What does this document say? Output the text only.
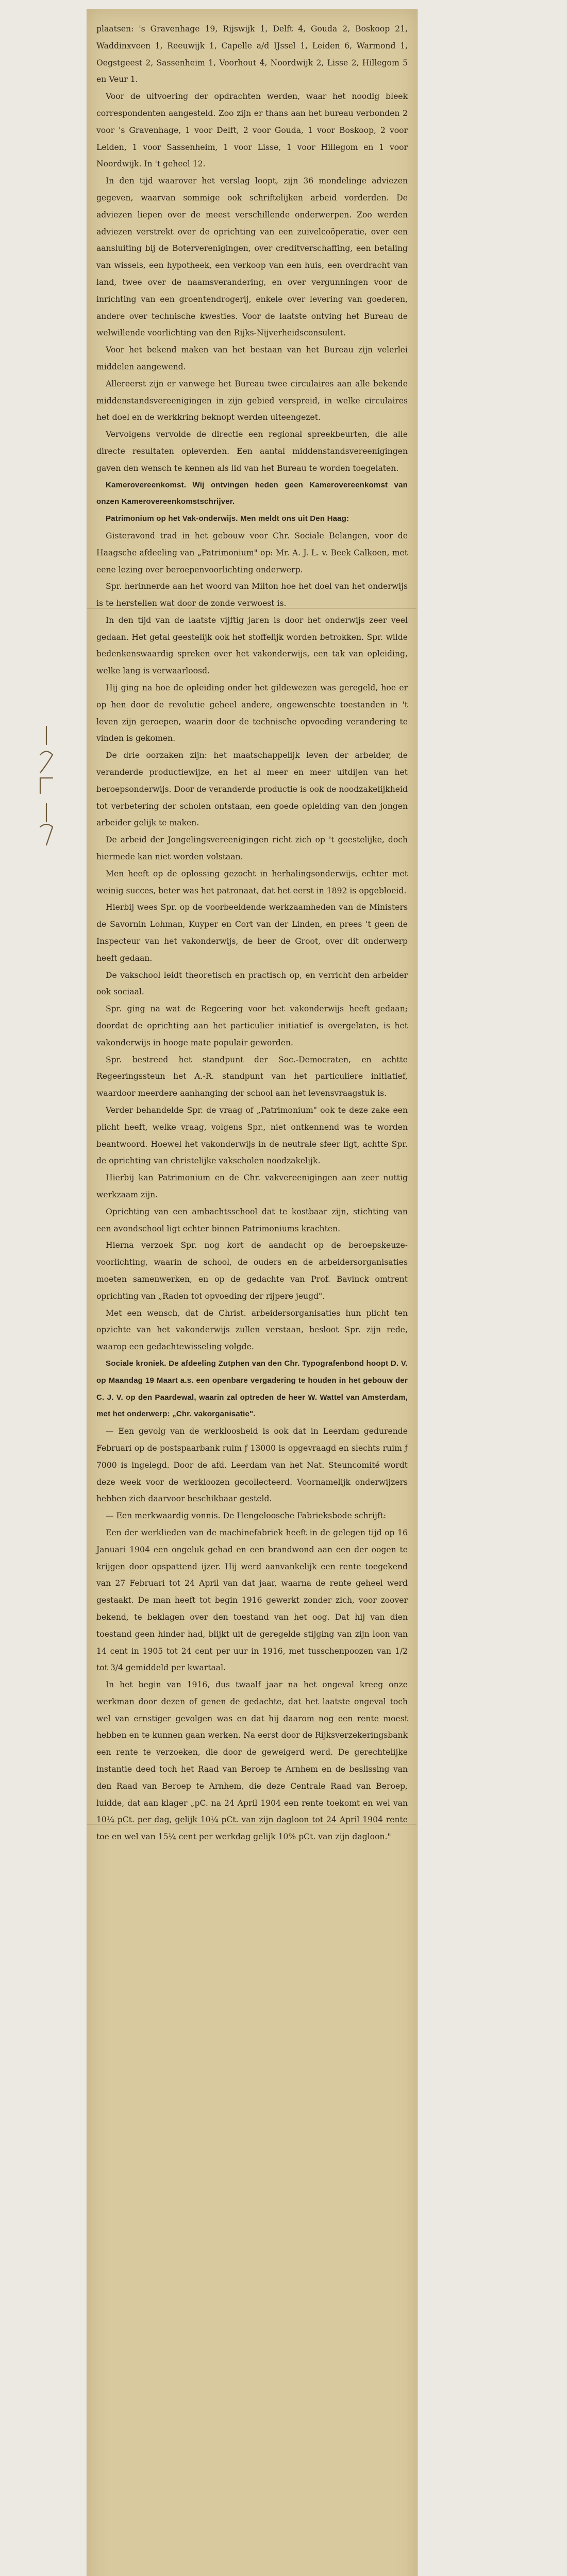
plaatsen: 's Gravenhage 19, Rijswijk 1, Delft 4, Gouda 2, Boskoop 21, Waddinxveen 1, Reeuwijk 1, Capelle a/d IJssel 1, Leiden 6, Warmond 1, Oegstgeest 2, Sassenheim 1, Voorhout 4, Noordwijk 2, Lisse 2, Hillegom 5 en Veur 1.

Voor de uitvoering der opdrachten werden, waar het noodig bleek correspondenten aangesteld. Zoo zijn er thans aan het bureau verbonden 2 voor 's Gravenhage, 1 voor Delft, 2 voor Gouda, 1 voor Boskoop, 2 voor Leiden, 1 voor Sassenheim, 1 voor Lisse, 1 voor Hillegom en 1 voor Noordwijk. In 't geheel 12.

In den tijd waarover het verslag loopt, zijn 36 mondelinge adviezen gegeven, waarvan sommige ook schriftelijken arbeid vorderden. De adviezen liepen over de meest verschillende onderwerpen. Zoo werden adviezen verstrekt over de oprichting van een zuivelcoöperatie, over een aansluiting bij de Boterverenigingen, over creditverschaffing, een betaling van wissels, een hypotheek, een verkoop van een huis, een overdracht van land, twee over de naamsverandering, en over vergunningen voor de inrichting van een groentendrogerij, enkele over levering van goederen, andere over technische kwesties. Voor de laatste ontving het Bureau de welwillende voorlichting van den Rijks-Nijverheidsconsulent.

Voor het bekend maken van het bestaan van het Bureau zijn velerlei middelen aangewend.

Allereerst zijn er vanwege het Bureau twee circulaires aan alle bekende middenstandsvereenigingen in zijn gebied verspreid, in welke circulaires het doel en de werkkring beknopt werden uiteengezet.

Vervolgens vervolde de directie een regional spreekbeurten, die alle directe resultaten opleverden. Een aantal middenstandsvereenigingen gaven den wensch te kennen als lid van het Bureau te worden toegelaten.

Kamerovereenkomst. Wij ontvingen heden geen Kamerovereenkomst van onzen Kamerovereenkomstschrijver.

Patrimonium op het Vak-onderwijs. Men meldt ons uit Den Haag:

Gisteravond trad in het gebouw voor Chr. Sociale Belangen, voor de Haagsche afdeeling van „Patrimonium" op: Mr. A. J. L. v. Beek Calkoen, met eene lezing over beroepenvoorlichting onderwerp.

Spr. herinnerde aan het woord van Milton hoe het doel van het onderwijs is te herstellen wat door de zonde verwoest is.

In den tijd van de laatste vijftig jaren is door het onderwijs zeer veel gedaan. Het getal geestelijk ook het stoffelijk worden betrokken. Spr. wilde bedenkenswaardig spreken over het vakonderwijs, een tak van opleiding, welke lang is verwaarloosd.

Hij ging na hoe de opleiding onder het gildewezen was geregeld, hoe er op hen door de revolutie geheel andere, ongewenschte toestanden in 't leven zijn geroepen, waarin door de technische opvoeding verandering te vinden is gekomen.

De drie oorzaken zijn: het maatschappelijk leven der arbeider, de veranderde productiewijze, en het al meer en meer uitdijen van het beroepsonderwijs. Door de veranderde productie is ook de noodzakelijkheid tot verbetering der scholen ontstaan, een goede opleiding van den jongen arbeider gelijk te maken.

De arbeid der Jongelingsvereenigingen richt zich op 't geestelijke, doch hiermede kan niet worden volstaan.

Men heeft op de oplossing gezocht in herhalingsonderwijs, echter met weinig succes, beter was het patronaat, dat het eerst in 1892 is opgebloeid.

Hierbij wees Spr. op de voorbeeldende werkzaamheden van de Ministers de Savornin Lohman, Kuyper en Cort van der Linden, en prees 't geen de Inspecteur van het vakonderwijs, de heer de Groot, over dit onderwerp heeft gedaan.

De vakschool leidt theoretisch en practisch op, en verricht den arbeider ook sociaal.

Spr. ging na wat de Regeering voor het vakonderwijs heeft gedaan; doordat de oprichting aan het particulier initiatief is overgelaten, is het vakonderwijs in hooge mate populair geworden.

Spr. bestreed het standpunt der Soc.-Democraten, en achtte Regeeringssteun het A.-R. standpunt van het particuliere initiatief, waardoor meerdere aanhanging der school aan het levensvraagstuk is.

Verder behandelde Spr. de vraag of „Patrimonium" ook te deze zake een plicht heeft, welke vraag, volgens Spr., niet ontkennend was te worden beantwoord. Hoewel het vakonderwijs in de neutrale sfeer ligt, achtte Spr. de oprichting van christelijke vakscholen noodzakelijk.

Hierbij kan Patrimonium en de Chr. vakvereenigingen aan zeer nuttig werkzaam zijn.

Oprichting van een ambachtsschool dat te kostbaar zijn, stichting van een avondschool ligt echter binnen Patrimoniums krachten.

Hierna verzoek Spr. nog kort de aandacht op de beroepskeuze-voorlichting, waarin de school, de ouders en de arbeidersorganisaties moeten samenwerken, en op de gedachte van Prof. Bavinck omtrent oprichting van „Raden tot opvoeding der rijpere jeugd".

Met een wensch, dat de Christ. arbeidersorganisaties hun plicht ten opzichte van het vakonderwijs zullen verstaan, besloot Spr. zijn rede, waarop een gedachtewisseling volgde.

Sociale kroniek. De afdeeling Zutphen van den Chr. Typografenbond hoopt D. V. op Maandag 19 Maart a.s. een openbare vergadering te houden in het gebouw der C. J. V. op den Paardewal, waarin zal optreden de heer W. Wattel van Amsterdam, met het onderwerp: „Chr. vakorganisatie".

— Een gevolg van de werkloosheid is ook dat in Leerdam gedurende Februari op de postspaarbank ruim ƒ 13000 is opgevraagd en slechts ruim ƒ 7000 is ingelegd. Door de afd. Leerdam van het Nat. Steuncomité wordt deze week voor de werkloozen gecollecteerd. Voornamelijk onderwijzers hebben zich daarvoor beschikbaar gesteld.

— Een merkwaardig vonnis. De Hengeloosche Fabrieksbode schrijft:

Een der werklieden van de machinefabriek heeft in de gelegen tijd op 16 Januari 1904 een ongeluk gehad en een brandwond aan een der oogen te krijgen door opspattend ijzer. Hij werd aanvankelijk een rente toegekend van 27 Februari tot 24 April van dat jaar, waarna de rente geheel werd gestaakt. De man heeft tot begin 1916 gewerkt zonder zich, voor zoover bekend, te beklagen over den toestand van het oog. Dat hij van dien toestand geen hinder had, blijkt uit de geregelde stijging van zijn loon van 14 cent in 1905 tot 24 cent per uur in 1916, met tusschenpoozen van 1/2 tot 3/4 gemiddeld per kwartaal.

In het begin van 1916, dus twaalf jaar na het ongeval kreeg onze werkman door dezen of genen de gedachte, dat het laatste ongeval toch wel van ernstiger gevolgen was en dat hij daarom nog een rente moest hebben en te kunnen gaan werken. Na eerst door de Rijksverzekeringsbank een rente te verzoeken, die door de geweigerd werd. De gerechtelijke instantie deed toch het Raad van Beroep te Arnhem en de beslissing van den Raad van Beroep te Arnhem, die deze Centrale Raad van Beroep, luidde, dat aan klager „pC. na 24 April 1904 een rente toekomt en wel van 10¼ pCt. per dag, gelijk 10¼ pCt. van zijn dagloon tot 24 April 1904 rente toe en wel van 15¼ cent per werkdag gelijk 10% pCt. van zijn dagloon."
